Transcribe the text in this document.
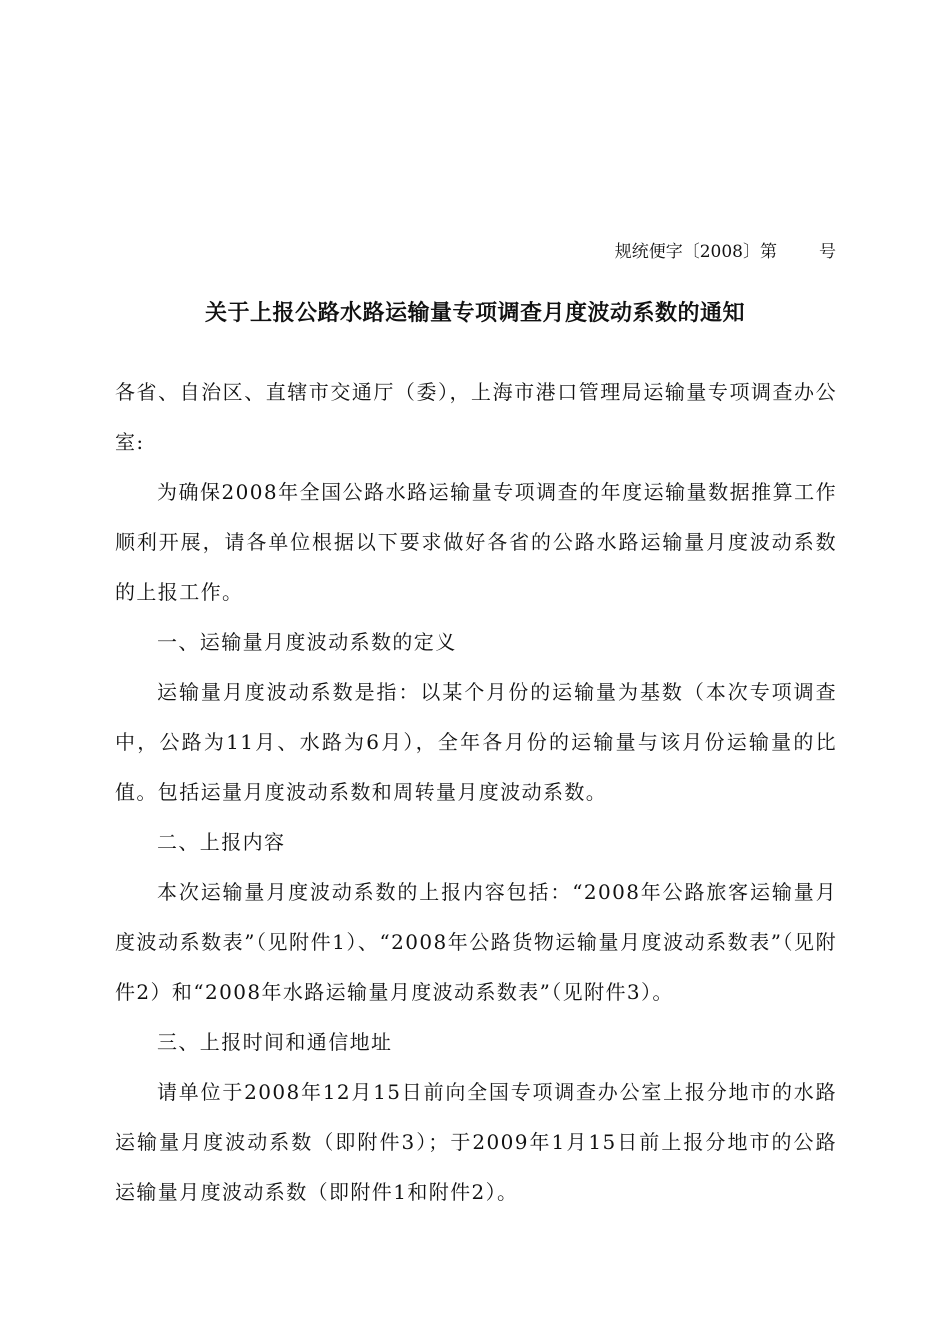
规统便字〔2008〕第 号
关于上报公路水路运输量专项调查月度波动系数的通知

各省、自治区、直辖市交通厅（委），上海市港口管理局运输量专项调查办公室:

为确保2008年全国公路水路运输量专项调查的年度运输量数据推算工作顺利开展，请各单位根据以下要求做好各省的公路水路运输量月度波动系数的上报工作。

一、运输量月度波动系数的定义

运输量月度波动系数是指：以某个月份的运输量为基数（本次专项调查中，公路为11月、水路为6月），全年各月份的运输量与该月份运输量的比值。包括运量月度波动系数和周转量月度波动系数。

二、上报内容

本次运输量月度波动系数的上报内容包括：“2008年公路旅客运输量月度波动系数表”（见附件1）、“2008年公路货物运输量月度波动系数表”（见附件2）和“2008年水路运输量月度波动系数表”（见附件3）。

三、上报时间和通信地址

请单位于2008年12月15日前向全国专项调查办公室上报分地市的水路运输量月度波动系数（即附件3）；于2009年1月15日前上报分地市的公路运输量月度波动系数（即附件1和附件2）。
